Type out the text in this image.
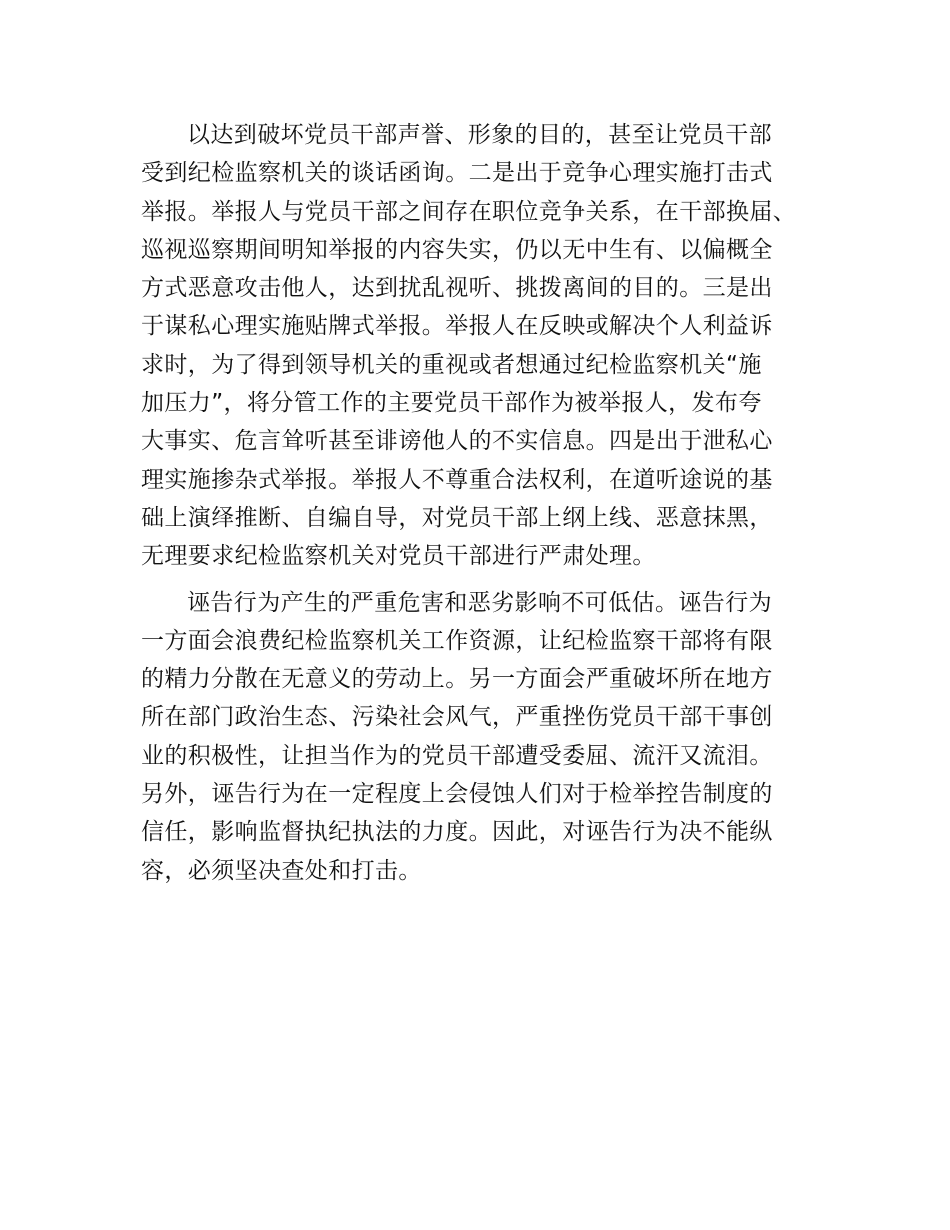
以达到破坏党员干部声誉、形象的目的，甚至让党员干部
受到纪检监察机关的谈话函询。二是出于竞争心理实施打击式
举报。举报人与党员干部之间存在职位竞争关系，在干部换届、
巡视巡察期间明知举报的内容失实，仍以无中生有、以偏概全
方式恶意攻击他人，达到扰乱视听、挑拨离间的目的。三是出
于谋私心理实施贴牌式举报。举报人在反映或解决个人利益诉
求时，为了得到领导机关的重视或者想通过纪检监察机关“施
加压力”，将分管工作的主要党员干部作为被举报人，发布夸
大事实、危言耸听甚至诽谤他人的不实信息。四是出于泄私心
理实施掺杂式举报。举报人不尊重合法权利，在道听途说的基
础上演绎推断、自编自导，对党员干部上纲上线、恶意抹黑，
无理要求纪检监察机关对党员干部进行严肃处理。

诬告行为产生的严重危害和恶劣影响不可低估。诬告行为
一方面会浪费纪检监察机关工作资源，让纪检监察干部将有限
的精力分散在无意义的劳动上。另一方面会严重破坏所在地方
所在部门政治生态、污染社会风气，严重挫伤党员干部干事创
业的积极性，让担当作为的党员干部遭受委屈、流汗又流泪。
另外，诬告行为在一定程度上会侵蚀人们对于检举控告制度的
信任，影响监督执纪执法的力度。因此，对诬告行为决不能纵
容，必须坚决查处和打击。
